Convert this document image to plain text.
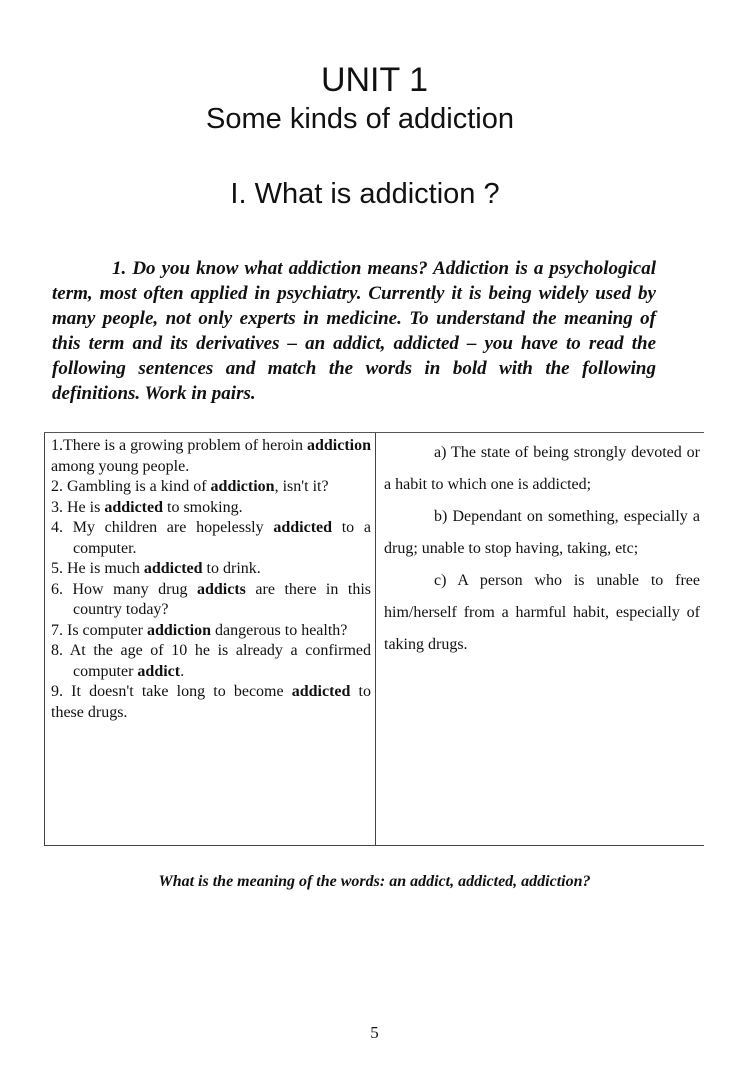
UNIT 1
Some kinds of addiction
I. What is addiction ?

1. Do you know what addiction means? Addiction is a psychological term, most often applied in psychiatry. Currently it is being widely used by many people, not only experts in medicine. To understand the meaning of this term and its derivatives – an addict, addicted – you have to read the following sentences and match the words in bold with the following definitions. Work in pairs.

1.There is a growing problem of heroin addiction among young people.
2. Gambling is a kind of addiction, isn't it?
3. He is addicted to smoking.
4. My children are hopelessly addicted to a computer.
5. He is much addicted to drink.
6. How many drug addicts are there in this country today?
7. Is computer addiction dangerous to health?
8. At the age of 10 he is already a confirmed computer addict.
9. It doesn't take long to become addicted to these drugs.

a) The state of being strongly devoted or a habit to which one is addicted;

b) Dependant on something, especially a drug; unable to stop having, taking, etc;

c) A person who is unable to free him/herself from a harmful habit, especially of taking drugs.

What is the meaning of the words: an addict, addicted, addiction?
5
